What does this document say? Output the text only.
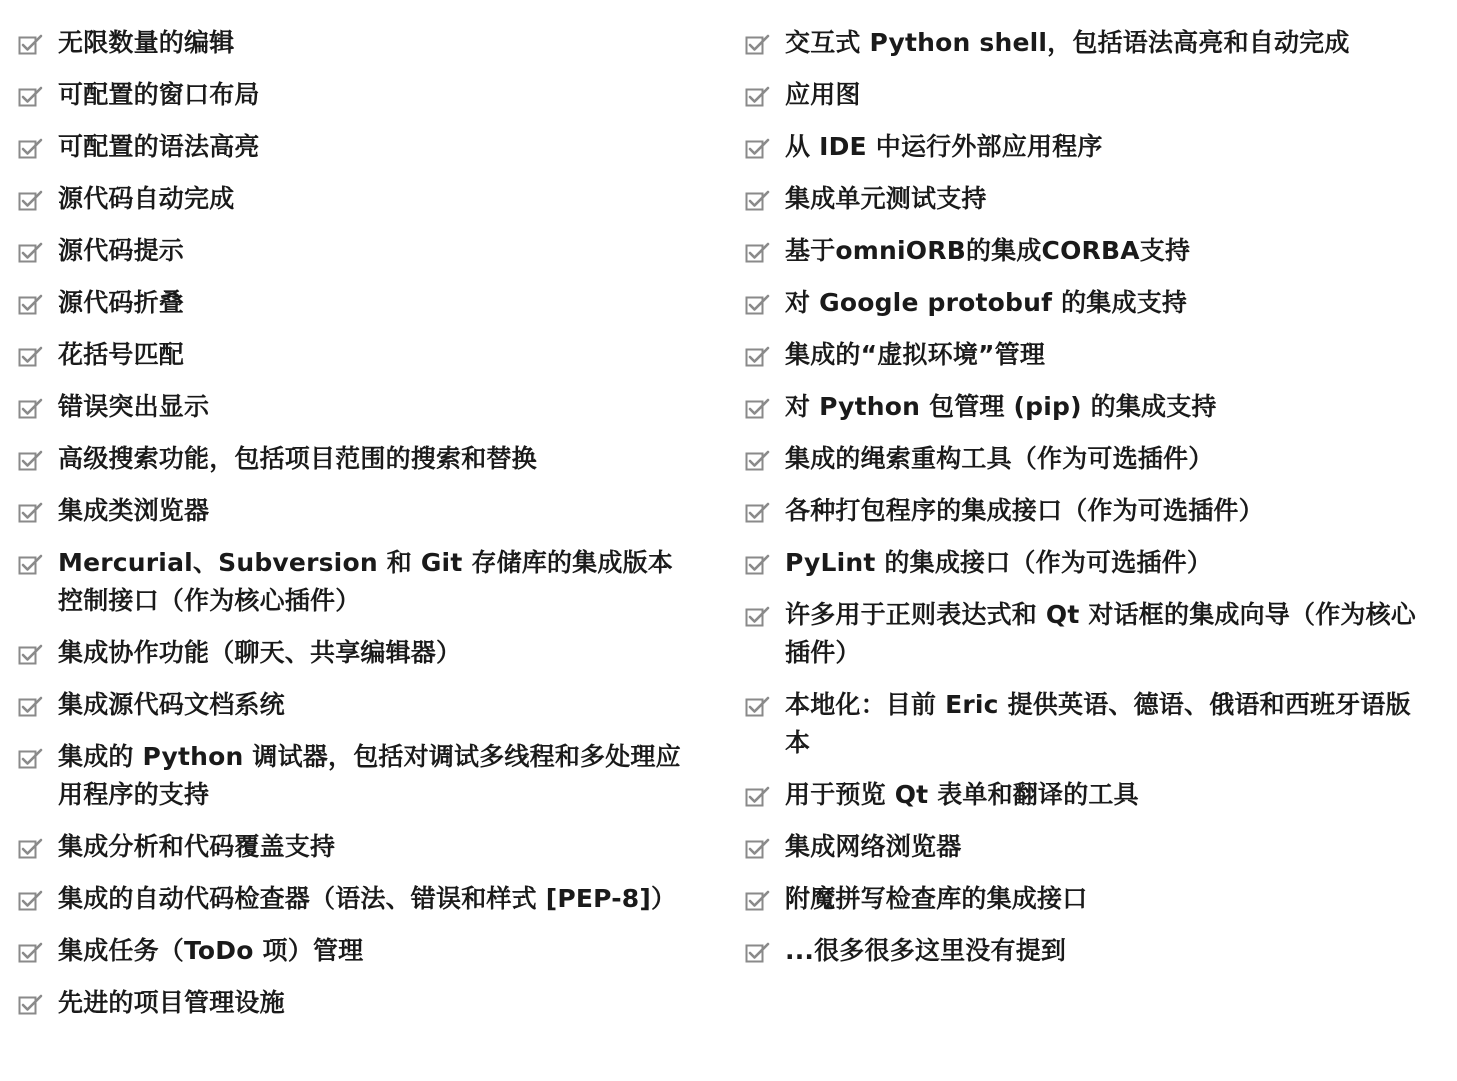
无限数量的编辑
可配置的窗口布局
可配置的语法高亮
源代码自动完成
源代码提示
源代码折叠
花括号匹配
错误突出显示
高级搜索功能，包括项目范围的搜索和替换
集成类浏览器
Mercurial、Subversion 和 Git 存储库的集成版本控制接口（作为核心插件）
集成协作功能（聊天、共享编辑器）
集成源代码文档系统
集成的 Python 调试器，包括对调试多线程和多处理应用程序的支持
集成分析和代码覆盖支持
集成的自动代码检查器（语法、错误和样式 [PEP-8]）
集成任务（ToDo 项）管理
先进的项目管理设施
交互式 Python shell，包括语法高亮和自动完成
应用图
从 IDE 中运行外部应用程序
集成单元测试支持
基于omniORB的集成CORBA支持
对 Google protobuf 的集成支持
集成的“虚拟环境”管理
对 Python 包管理 (pip) 的集成支持
集成的绳索重构工具（作为可选插件）
各种打包程序的集成接口（作为可选插件）
PyLint 的集成接口（作为可选插件）
许多用于正则表达式和 Qt 对话框的集成向导（作为核心插件）
本地化：目前 Eric 提供英语、德语、俄语和西班牙语版本
用于预览 Qt 表单和翻译的工具
集成网络浏览器
附魔拼写检查库的集成接口
...很多很多这里没有提到
